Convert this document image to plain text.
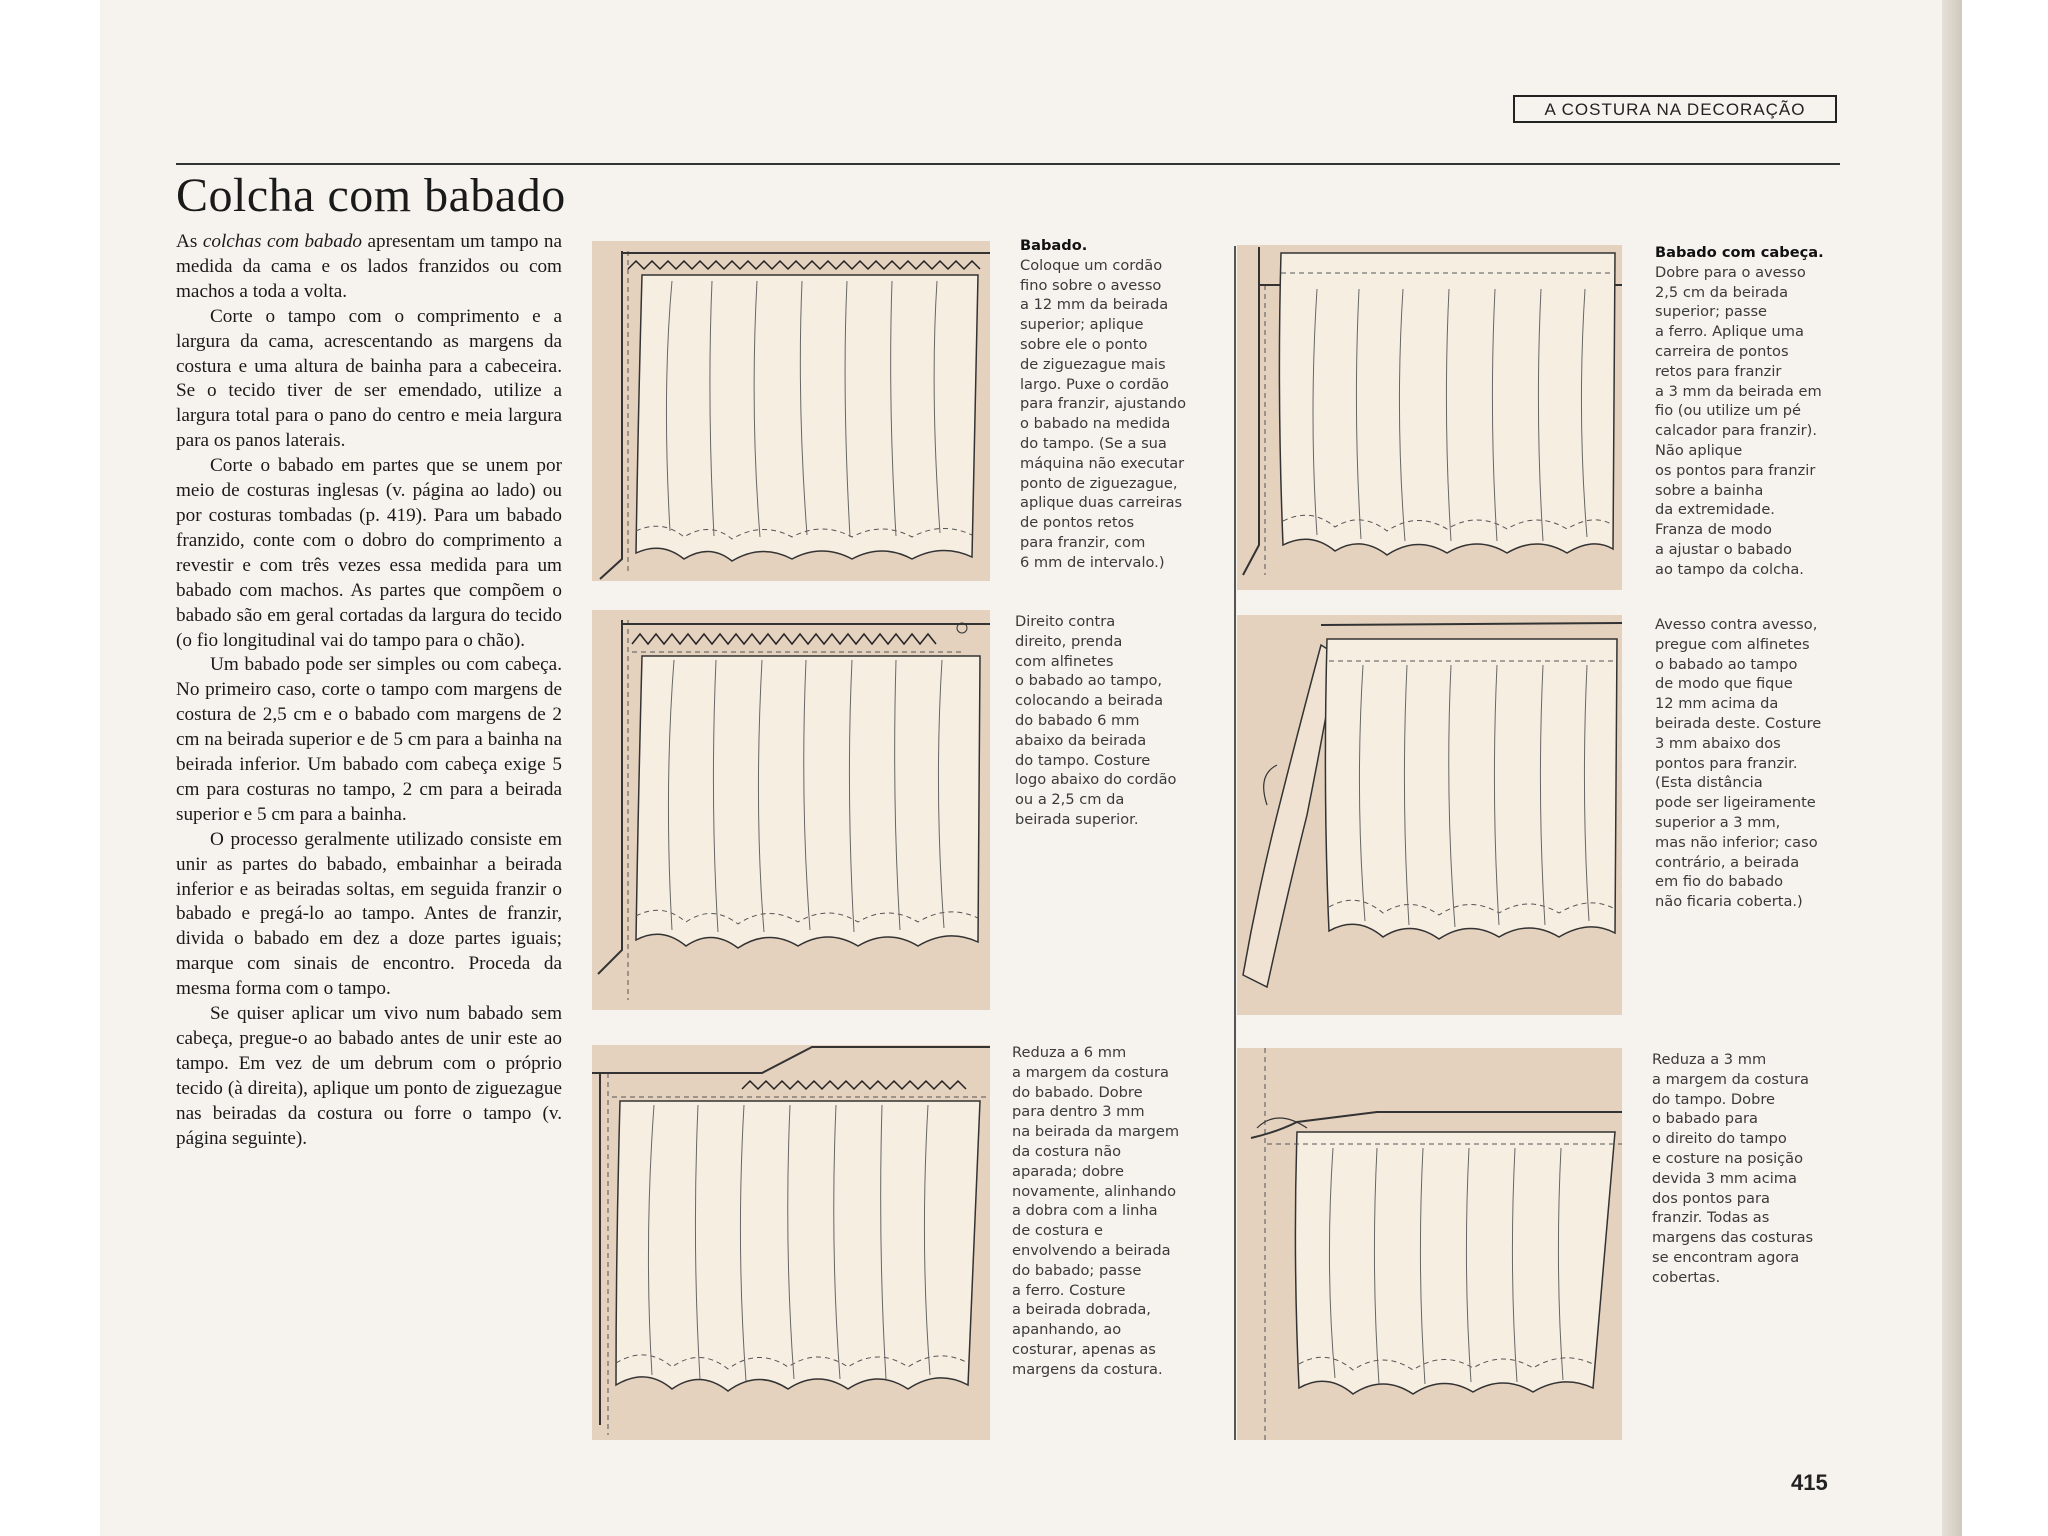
A COSTURA NA DECORAÇÃO
Colcha com babado

As colchas com babado apresentam um tampo na medida da cama e os lados franzidos ou com machos a toda a volta.

Corte o tampo com o comprimento e a largura da cama, acrescentando as margens da costura e uma altura de bainha para a cabeceira. Se o tecido tiver de ser emendado, utilize a largura total para o pano do centro e meia largura para os panos laterais.

Corte o babado em partes que se unem por meio de costuras inglesas (v. página ao lado) ou por costuras tombadas (p. 419). Para um babado franzido, conte com o dobro do comprimento a revestir e com três vezes essa medida para um babado com machos. As partes que compõem o babado são em geral cortadas da largura do tecido (o fio longitudinal vai do tampo para o chão).

Um babado pode ser simples ou com cabeça. No primeiro caso, corte o tampo com margens de costura de 2,5 cm e o babado com margens de 2 cm na beirada superior e de 5 cm para a bainha na beirada inferior. Um babado com cabeça exige 5 cm para costuras no tampo, 2 cm para a beirada superior e 5 cm para a bainha.

O processo geralmente utilizado consiste em unir as partes do babado, embainhar a beirada inferior e as beiradas soltas, em seguida franzir o babado e pregá-lo ao tampo. Antes de franzir, divida o babado em dez a doze partes iguais; marque com sinais de encontro. Proceda da mesma forma com o tampo.

Se quiser aplicar um vivo num babado sem cabeça, pregue-o ao babado antes de unir este ao tampo. Em vez de um debrum com o próprio tecido (à direita), aplique um ponto de ziguezague nas beiradas da costura ou forre o tampo (v. página seguinte).

Babado.
Coloque um cordão
fino sobre o avesso
a 12 mm da beirada
superior; aplique
sobre ele o ponto
de ziguezague mais
largo. Puxe o cordão
para franzir, ajustando
o babado na medida
do tampo. (Se a sua
máquina não executar
ponto de ziguezague,
aplique duas carreiras
de pontos retos
para franzir, com
6 mm de intervalo.)
Direito contra
direito, prenda
com alfinetes
o babado ao tampo,
colocando a beirada
do babado 6 mm
abaixo da beirada
do tampo. Costure
logo abaixo do cordão
ou a 2,5 cm da
beirada superior.
Reduza a 6 mm
a margem da costura
do babado. Dobre
para dentro 3 mm
na beirada da margem
da costura não
aparada; dobre
novamente, alinhando
a dobra com a linha
de costura e
envolvendo a beirada
do babado; passe
a ferro. Costure
a beirada dobrada,
apanhando, ao
costurar, apenas as
margens da costura.
Babado com cabeça.
Dobre para o avesso
2,5 cm da beirada
superior; passe
a ferro. Aplique uma
carreira de pontos
retos para franzir
a 3 mm da beirada em
fio (ou utilize um pé
calcador para franzir).
Não aplique
os pontos para franzir
sobre a bainha
da extremidade.
Franza de modo
a ajustar o babado
ao tampo da colcha.
Avesso contra avesso,
pregue com alfinetes
o babado ao tampo
de modo que fique
12 mm acima da
beirada deste. Costure
3 mm abaixo dos
pontos para franzir.
(Esta distância
pode ser ligeiramente
superior a 3 mm,
mas não inferior; caso
contrário, a beirada
em fio do babado
não ficaria coberta.)
Reduza a 3 mm
a margem da costura
do tampo. Dobre
o babado para
o direito do tampo
e costure na posição
devida 3 mm acima
dos pontos para
franzir. Todas as
margens das costuras
se encontram agora
cobertas.
415
